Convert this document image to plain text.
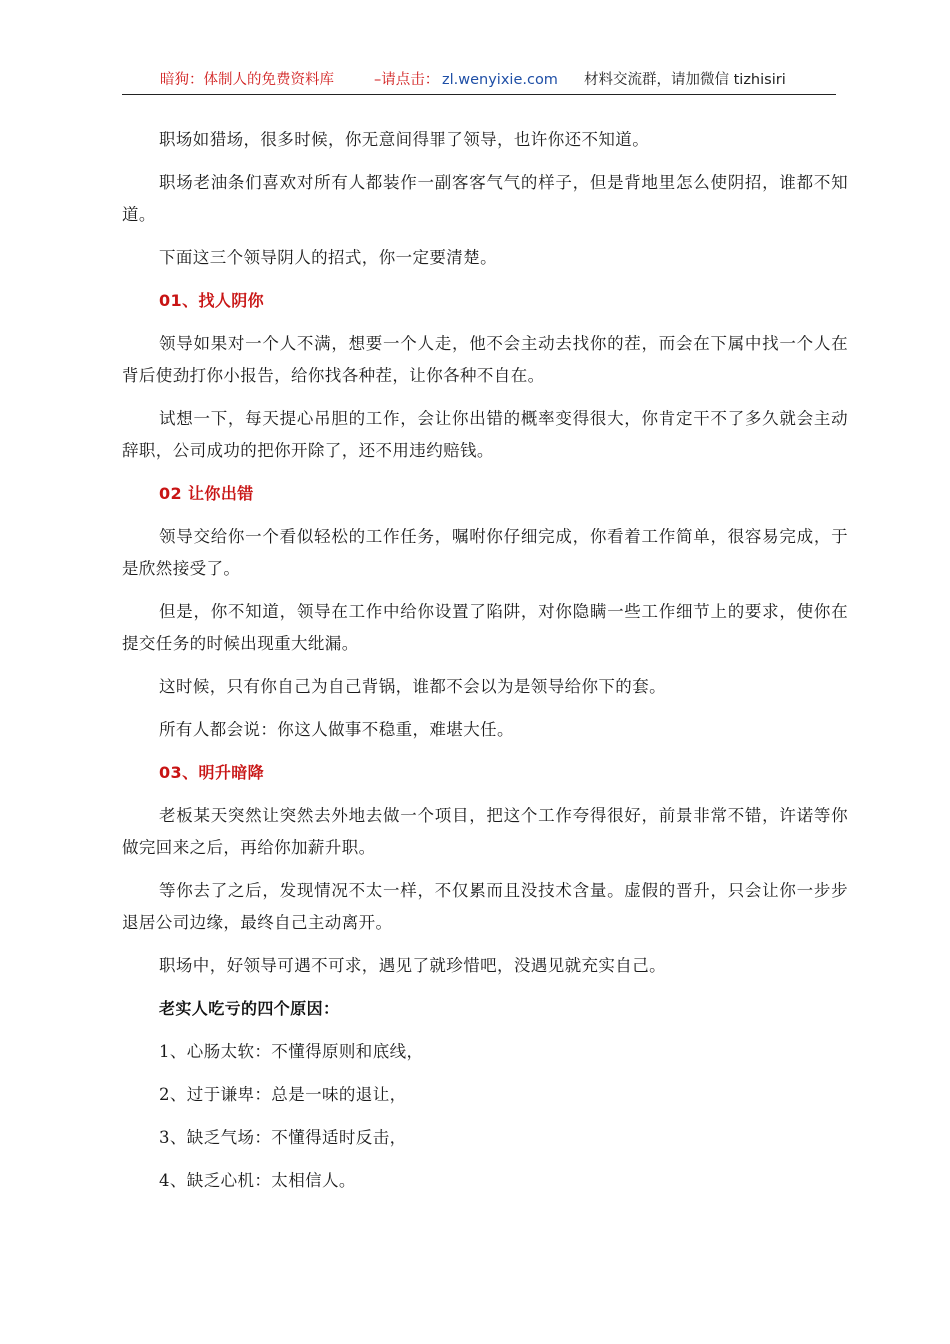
暗狗：体制人的免费资料库	–请点击： zl.wenyixie.com 材料交流群，请加微信 tizhisiri

职场如猎场，很多时候，你无意间得罪了领导，也许你还不知道。

职场老油条们喜欢对所有人都装作一副客客气气的样子，但是背地里怎么使阴招，谁都不知道。

下面这三个领导阴人的招式，你一定要清楚。

01、找人阴你

领导如果对一个人不满，想要一个人走，他不会主动去找你的茬，而会在下属中找一个人在背后使劲打你小报告，给你找各种茬，让你各种不自在。

试想一下，每天提心吊胆的工作，会让你出错的概率变得很大，你肯定干不了多久就会主动辞职，公司成功的把你开除了，还不用违约赔钱。

02 让你出错

领导交给你一个看似轻松的工作任务，嘱咐你仔细完成，你看着工作简单，很容易完成，于是欣然接受了。

但是，你不知道，领导在工作中给你设置了陷阱，对你隐瞒一些工作细节上的要求，使你在提交任务的时候出现重大纰漏。

这时候，只有你自己为自己背锅，谁都不会以为是领导给你下的套。

所有人都会说：你这人做事不稳重，难堪大任。

03、明升暗降

老板某天突然让突然去外地去做一个项目，把这个工作夸得很好，前景非常不错，许诺等你做完回来之后，再给你加薪升职。

等你去了之后，发现情况不太一样，不仅累而且没技术含量。虚假的晋升，只会让你一步步退居公司边缘，最终自己主动离开。

职场中，好领导可遇不可求，遇见了就珍惜吧，没遇见就充实自己。

老实人吃亏的四个原因：

1、心肠太软：不懂得原则和底线，

2、过于谦卑：总是一味的退让，

3、缺乏气场：不懂得适时反击，

4、缺乏心机：太相信人。
